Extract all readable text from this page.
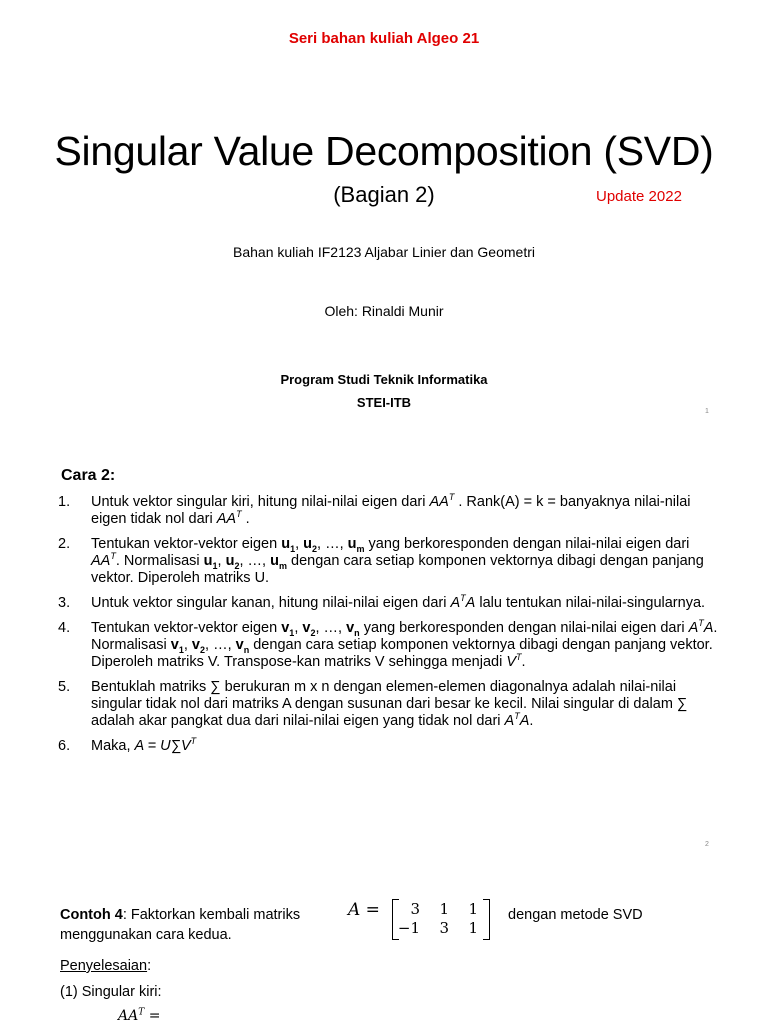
Seri bahan kuliah Algeo 21
Singular Value Decomposition (SVD)
(Bagian 2)	Update 2022
Bahan kuliah IF2123 Aljabar Linier dan Geometri
Oleh: Rinaldi Munir
Program Studi Teknik Informatika
STEI-ITB
1
Cara 2:
1. Untuk vektor singular kiri, hitung nilai-nilai eigen dari $AA^T$ . Rank(A) = k = banyaknya nilai-nilai eigen tidak nol dari $AA^T$ .
2. Tentukan vektor-vektor eigen $u_1$, $u_2$, …, $u_m$ yang berkoresponden dengan nilai-nilai eigen dari $AA^T$. Normalisasi $u_1$, $u_2$, …, $u_m$ dengan cara setiap komponen vektornya dibagi dengan panjang vektor. Diperoleh matriks U.
3. Untuk vektor singular kanan, hitung nilai-nilai eigen dari $A^TA$ lalu tentukan nilai-nilai-singularnya.
4. Tentukan vektor-vektor eigen $v_1$, $v_2$, …, $v_n$ yang berkoresponden dengan nilai-nilai eigen dari $A^TA$. Normalisasi $v_1$, $v_2$, …, $v_n$ dengan cara setiap komponen vektornya dibagi dengan panjang vektor. Diperoleh matriks V. Transpose-kan matriks V sehingga menjadi $V^T$.
5. Bentuklah matriks ∑ berukuran m x n dengan elemen-elemen diagonalnya adalah nilai-nilai singular tidak nol dari matriks A dengan susunan dari besar ke kecil. Nilai singular di dalam ∑ adalah akar pangkat dua dari nilai-nilai eigen yang tidak nol dari $A^TA$.
6. Maka, $A = U\sum V^T$
2
Contoh 4: Faktorkan kembali matriks	A =	3	1	1
−1	3	1
dengan metode SVD
menggunakan cara kedua.
Penyelesaian:
(1) Singular kiri:
$AA^T$ =
